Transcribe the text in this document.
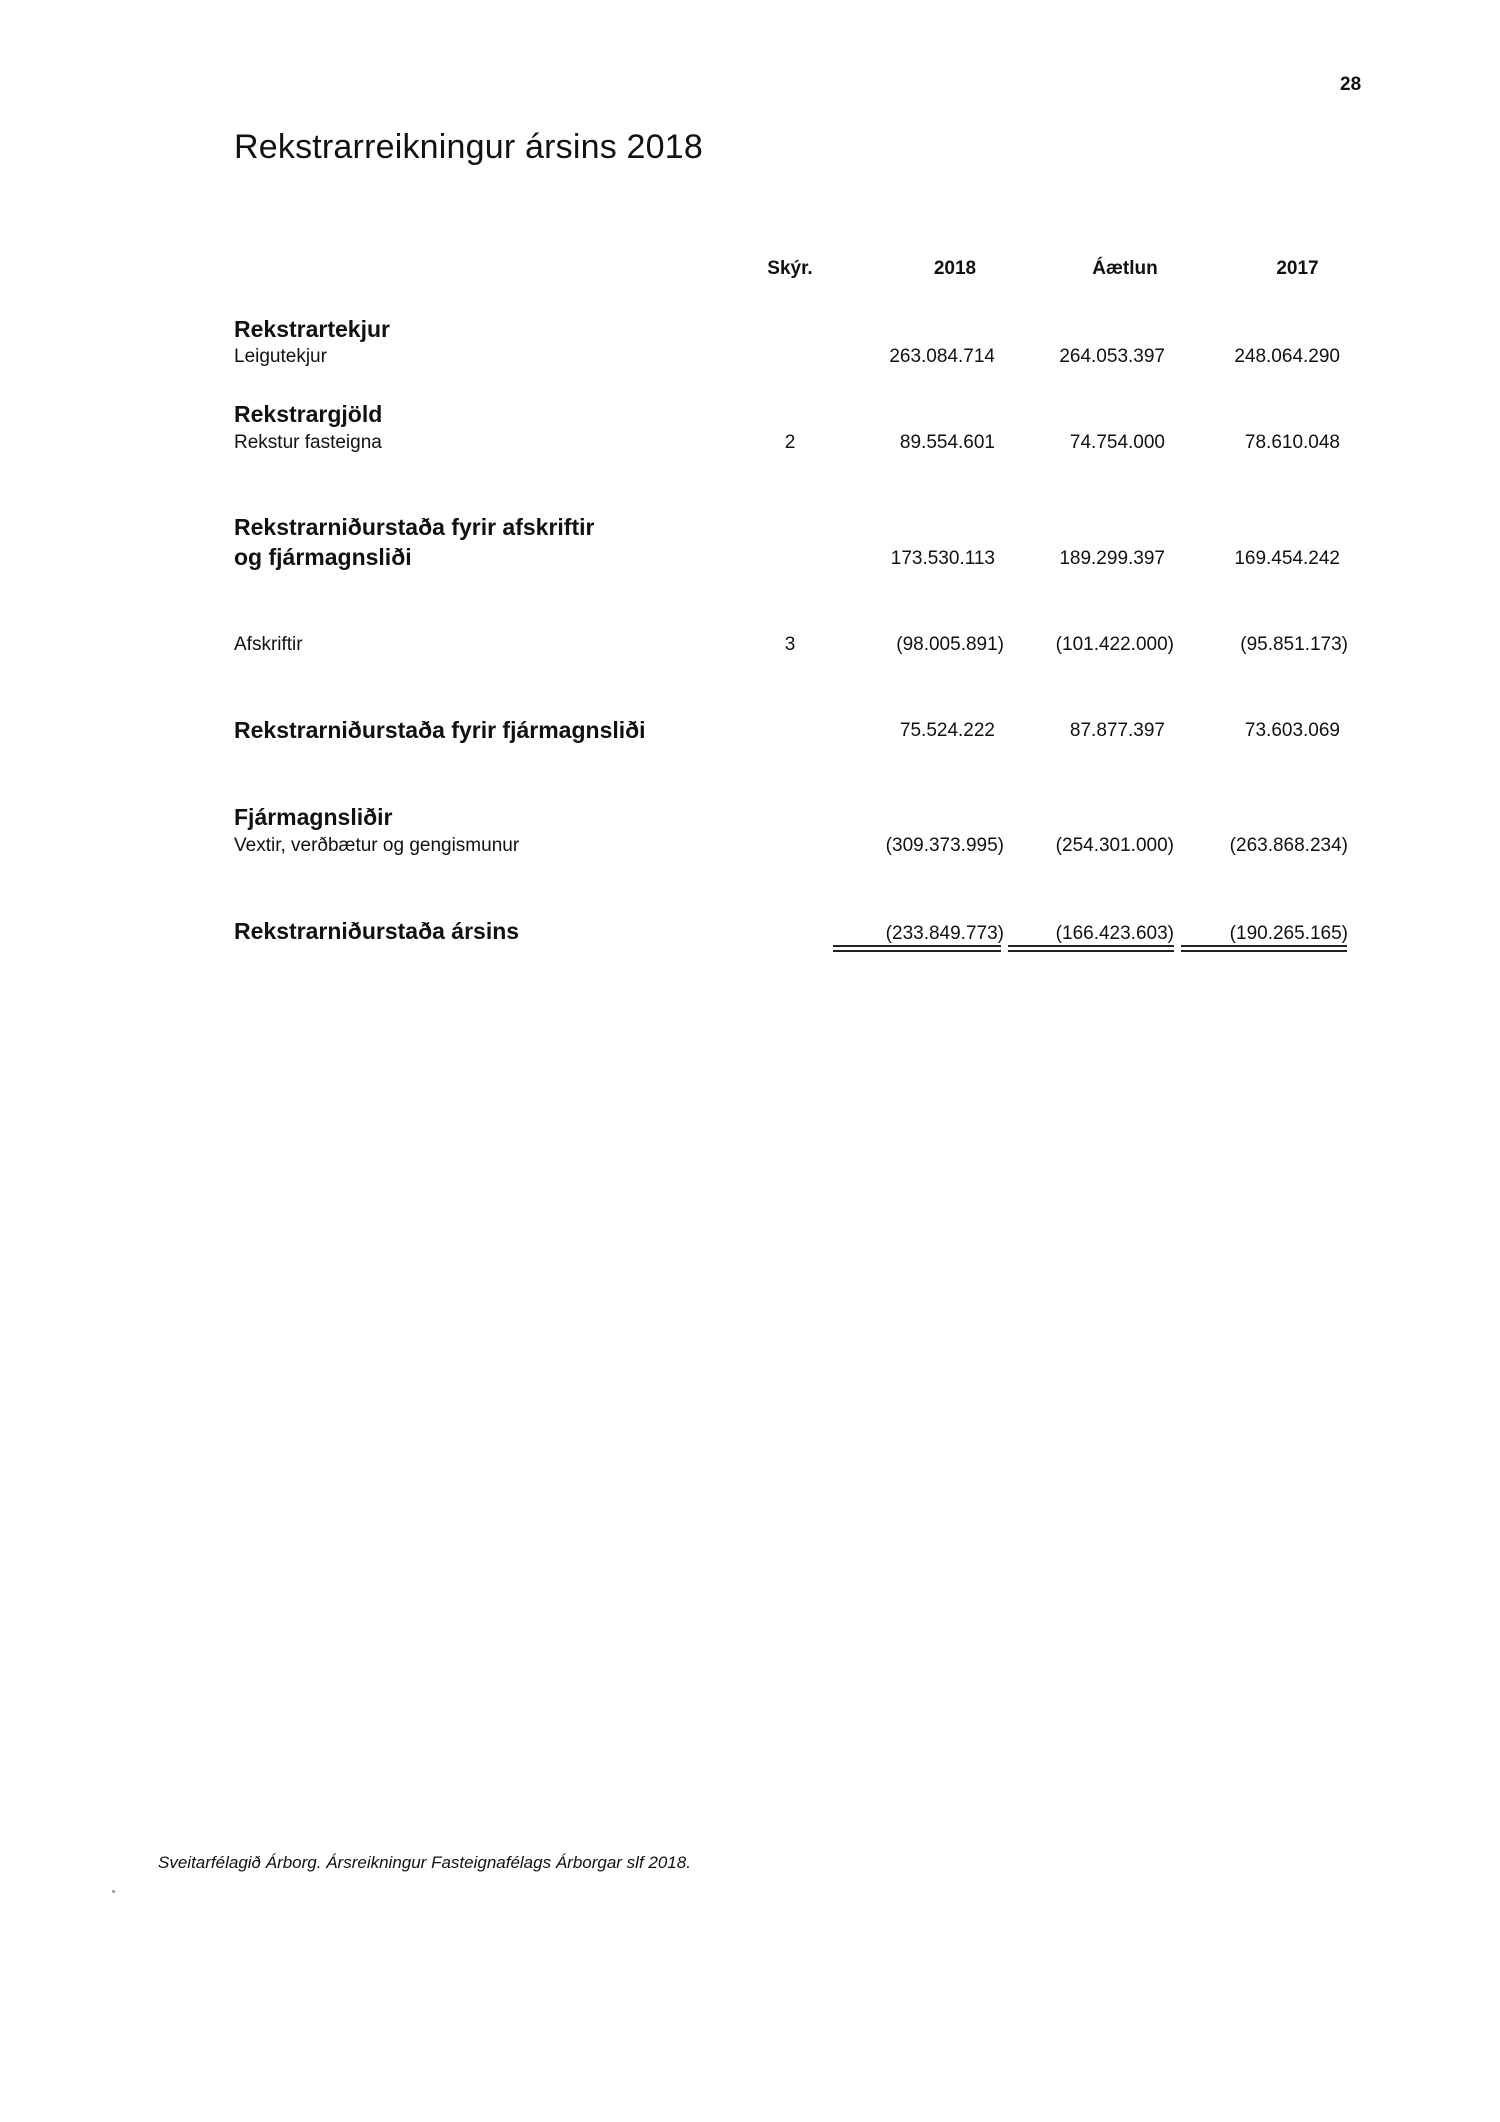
28
Rekstrarreikningur ársins 2018
Skýr.	2018	Áætlun	2017
Rekstrartekjur
Leigutekjur	263.084.714	264.053.397	248.064.290
Rekstrargjöld
Rekstur fasteigna	2	89.554.601	74.754.000	78.610.048
Rekstrarniðurstaða fyrir afskriftir
og fjármagnsliði	173.530.113	189.299.397	169.454.242
Afskriftir	3	(98.005.891)	(101.422.000)	(95.851.173)
Rekstrarniðurstaða fyrir fjármagnsliði	75.524.222	87.877.397	73.603.069
Fjármagnsliðir
Vextir, verðbætur og gengismunur	(309.373.995)	(254.301.000)	(263.868.234)
Rekstrarniðurstaða ársins	(233.849.773)	(166.423.603)	(190.265.165)
Sveitarfélagið Árborg. Ársreikningur Fasteignafélags Árborgar slf 2018.
